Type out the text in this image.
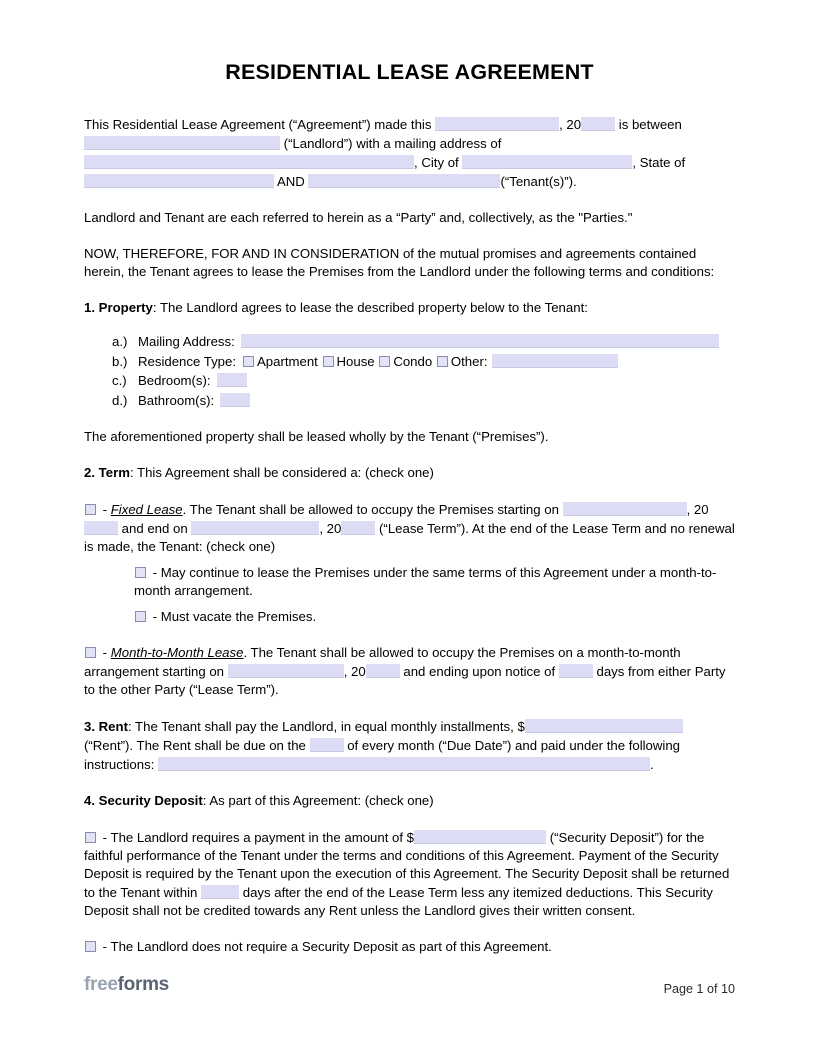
RESIDENTIAL LEASE AGREEMENT
This Residential Lease Agreement (“Agreement”) made this	, 20	is between  (“Landlord”) with a mailing address of , City of	, State of  AND	(“Tenant(s)”).
Landlord and Tenant are each referred to herein as a “Party” and, collectively, as the "Parties."
NOW, THEREFORE, FOR AND IN CONSIDERATION of the mutual promises and agreements contained herein, the Tenant agrees to lease the Premises from the Landlord under the following terms and conditions:
1. Property: The Landlord agrees to lease the described property below to the Tenant:
a.) Mailing Address:
b.) Residence Type:	Apartment House Condo Other:
c.) Bedroom(s):
d.) Bathroom(s):
The aforementioned property shall be leased wholly by the Tenant (“Premises”).
2. Term: This Agreement shall be considered a: (check one)
- Fixed Lease. The Tenant shall be allowed to occupy the Premises starting on	, 20 and end on	, 20	(“Lease Term”). At the end of the Lease Term and no renewal is made, the Tenant: (check one)
- May continue to lease the Premises under the same terms of this Agreement under a month-to-month arrangement.
- Must vacate the Premises.
- Month-to-Month Lease. The Tenant shall be allowed to occupy the Premises on a month-to-month arrangement starting on	, 20	and ending upon notice of	days from either Party to the other Party (“Lease Term”).
3. Rent: The Tenant shall pay the Landlord, in equal monthly installments, $ (“Rent”). The Rent shall be due on the	of every month (“Due Date”) and paid under the following instructions:	.
4. Security Deposit: As part of this Agreement: (check one)
- The Landlord requires a payment in the amount of $	(“Security Deposit”) for the faithful performance of the Tenant under the terms and conditions of this Agreement. Payment of the Security Deposit is required by the Tenant upon the execution of this Agreement. The Security Deposit shall be returned to the Tenant within	days after the end of the Lease Term less any itemized deductions. This Security Deposit shall not be credited towards any Rent unless the Landlord gives their written consent.
- The Landlord does not require a Security Deposit as part of this Agreement.
freeforms	Page 1 of 10
